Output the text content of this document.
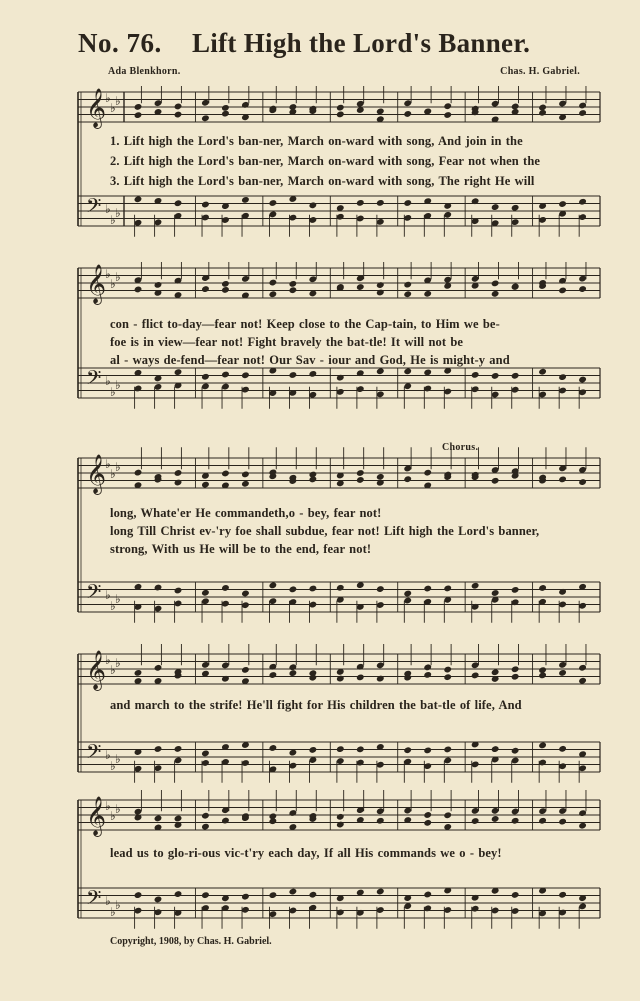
No. 76. Lift High the Lord's Banner.
Ada Blenkhorn.	Chas. H. Gabriel.
𝄞
♭
♭ ♭
𝄢 ♭
♭ ♭
1. Lift high the Lord's ban-ner, March on-ward with song, And join in the
2. Lift high the Lord's ban-ner, March on-ward with song, Fear not when the
3. Lift high the Lord's ban-ner, March on-ward with song, The right He will
𝄞
♭
♭ ♭
𝄢 ♭
♭ ♭
con - flict to-day—fear not! Keep close to the Cap-tain, to Him we be-
foe is in view—fear not! Fight bravely the bat-tle! It will not be
al - ways de-fend—fear not! Our Sav - iour and God, He is might-y and
𝄞
♭
♭ ♭
𝄢 ♭
♭ ♭
Chorus.
long, Whate'er He commandeth,o - bey, fear not!
long Till Christ ev-'ry foe shall subdue, fear not! Lift high the Lord's banner,
strong, With us He will be to the end, fear not!
𝄞
♭
♭ ♭
𝄢 ♭
♭ ♭
and march to the strife! He'll fight for His children the bat-tle of life, And
𝄞
♭
♭ ♭
𝄢 ♭
♭ ♭
lead us to glo-ri-ous vic-t'ry each day, If all His commands we o - bey!
Copyright, 1908, by Chas. H. Gabriel.
